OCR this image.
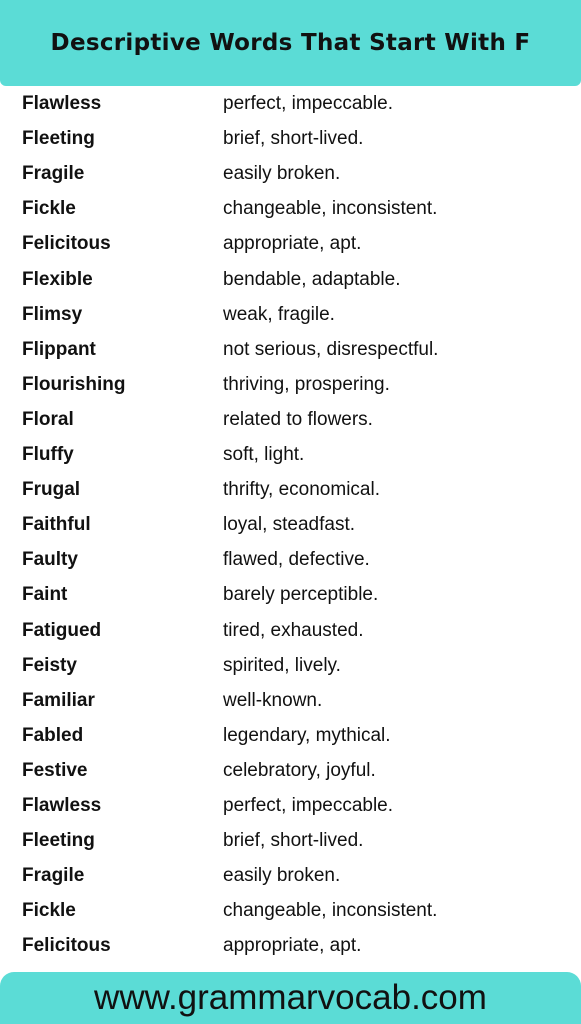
Descriptive Words That Start With F
Flawless	perfect, impeccable.
Fleeting	brief, short-lived.
Fragile	easily broken.
Fickle	changeable, inconsistent.
Felicitous	appropriate, apt.
Flexible	bendable, adaptable.
Flimsy	weak, fragile.
Flippant	not serious, disrespectful.
Flourishing	thriving, prospering.
Floral	related to flowers.
Fluffy	soft, light.
Frugal	thrifty, economical.
Faithful	loyal, steadfast.
Faulty	flawed, defective.
Faint	barely perceptible.
Fatigued	tired, exhausted.
Feisty	spirited, lively.
Familiar	well-known.
Fabled	legendary, mythical.
Festive	celebratory, joyful.
Flawless	perfect, impeccable.
Fleeting	brief, short-lived.
Fragile	easily broken.
Fickle	changeable, inconsistent.
Felicitous	appropriate, apt.
www.grammarvocab.com
